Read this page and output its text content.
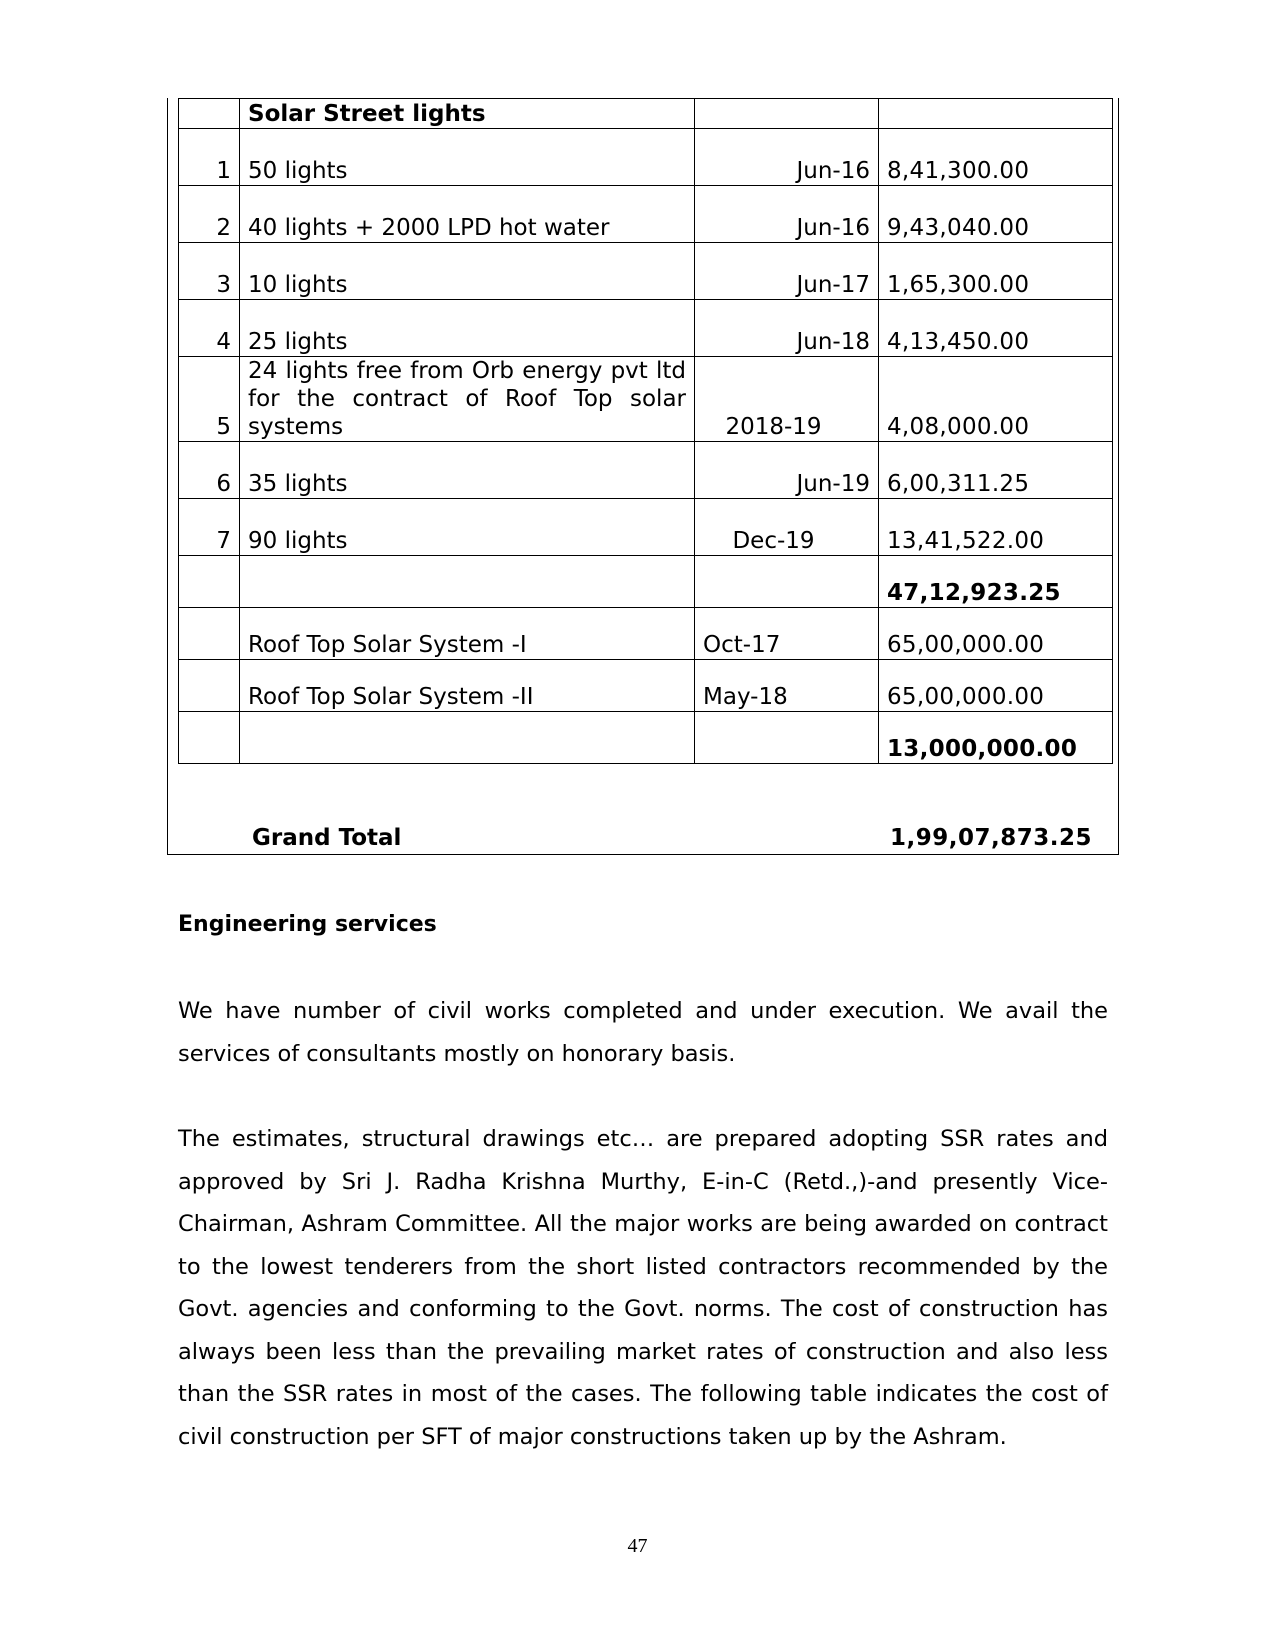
	Solar Street lights		
1	50 lights	Jun-16	8,41,300.00
2	40 lights + 2000 LPD hot water	Jun-16	9,43,040.00
3	10 lights	Jun-17	1,65,300.00
4	25 lights	Jun-18	4,13,450.00
5	24 lights free from Orb energy pvt ltd for the contract of Roof Top solar systems	2018-19	4,08,000.00
6	35 lights	Jun-19	6,00,311.25
7	90 lights	Dec-19	13,41,522.00
			47,12,923.25
	Roof Top Solar System -I	Oct-17	65,00,000.00
	Roof Top Solar System -II	May-18	65,00,000.00
			13,000,000.00
Grand Total	1,99,07,873.25
Engineering services

We have number of civil works completed and under execution. We avail the services of consultants mostly on honorary basis.

The estimates, structural drawings etc… are prepared adopting SSR rates and approved by Sri J. Radha Krishna Murthy, E-in-C (Retd.,)-and presently Vice-Chairman, Ashram Committee. All the major works are being awarded on contract to the lowest tenderers from the short listed contractors recommended by the Govt. agencies and conforming to the Govt. norms. The cost of construction has always been less than the prevailing market rates of construction and also less than the SSR rates in most of the cases. The following table indicates the cost of civil construction per SFT of major constructions taken up by the Ashram.

47
